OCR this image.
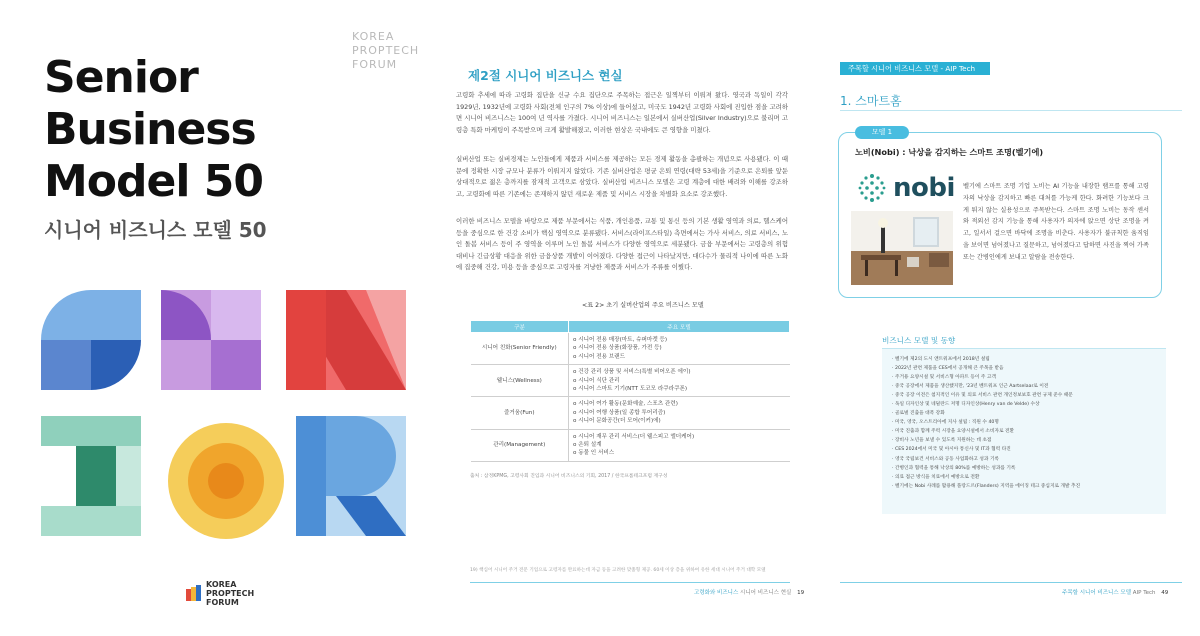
KOREA
PROPTECH
FORUM
Senior
Business
Model 50
시니어 비즈니스 모델 50
KOREA
PROPTECH
FORUM
제2절 시니어 비즈니스 현실

고령화 추세에 따라 고령화 집단을 신규 수요 집단으로 주목하는 접근은 일찍부터 이뤄져 왔다. 영국과 독일이 각각 1929년, 1932년에 고령화 사회(전체 인구의 7% 이상)에 들어섰고, 미국도 1942년 고령화 사회에 진입한 점을 고려하면 시니어 비즈니스는 100여 년 역사를 가졌다. 시니어 비즈니스는 일본에서 실버산업(Silver Industry)으로 불리며 고령층 특화 마케팅이 주목받으며 크게 활발해졌고, 이러한 현상은 국내에도 큰 영향을 미쳤다.

실버산업 또는 실버경제는 노인들에게 제품과 서비스를 제공하는 모든 경제 활동을 총괄하는 개념으로 사용됐다. 이 때문에 정확한 시장 규모나 분류가 이뤄지지 않았다. 기존 실버산업은 평균 은퇴 연령(대략 53세)을 기준으로 은퇴를 앞둔 상대적으로 젊은 층까지를 잠재적 고객으로 삼았다. 실버산업 비즈니스 모델은 고령 계층에 대한 배려와 이해를 강조하고, 고령화에 따른 기존에는 존재하지 않던 새로운 제품 및 서비스 시장을 차별화 요소로 강조했다.

이러한 비즈니스 모델을 바탕으로 제품 부문에서는 식품, 개인용품, 교통 및 통신 등의 기본 생활 영역과 의료, 헬스케어 등을 중심으로 한 건강 소비가 핵심 영역으로 분류됐다. 서비스(라이프스타일) 측면에서는 가사 서비스, 의료 서비스, 노인 돌봄 서비스 등이 주 영역을 이루며 노인 돌봄 서비스가 다양한 영역으로 세분됐다. 금융 부문에서는 고령층의 위험 대비나 긴급상황 대응을 위한 금융상품 개발이 이어졌다. 다양한 접근이 나타났지만, 대다수가 물리적 나이에 따른 노화에 집중해 건강, 미용 등을 중심으로 고령자를 겨냥한 제품과 서비스가 주류를 이뤘다.

<표 2> 초기 실버산업의 주요 비즈니스 모델
구분	주요 모델
시니어 친화(Senior Friendly)	o 시니어 전용 매장(마트, 슈퍼마켓 등)
o 시니어 전용 상품(화장품, 가전 등)
o 시니어 전용 브랜드

웰니스(Wellness)	o 건강 관리 상품 및 서비스(특별 비어오픈 에이)
o 시니어 식단 관리
o 시니어 스마트 기기(NTT 도코모 라쿠라쿠폰)

즐거움(Fun)	o 시니어 여가 활동(문화예술, 스포츠 관련)
o 시니어 여행 상품(일 종합 투어리즘)
o 시니어 문화공간(더 모어(이커)에)

관리(Management)	o 시니어 재무 관리 서비스(더 웰스피고 엘더케어)
o 은퇴 설계
o 동물 인 서비스
출처 : 삼정KPMG, 고령사회 진입과 시니어 비즈니스의 기회, 2017 / 한국프롭테크포럼 재구성
19) 핵심어 시니어 주거 전문 기업으로 고령자를 완료하는데 자금 등을 고려한 맞춤형 제공. 60세 이상 층을 위하여 유한 세대 시니어 주거 대학 모델
고령화와 비즈니스 시니어 비즈니스 현실 19
주목할 시니어 비즈니스 모델 - AIP Tech
1. 스마트홈
모델 1
노비(Nobi) : 낙상을 감지하는 스마트 조명(벨기에)
nobi 벨기에 스마트 조명 기업 노비는 AI 기능을 내장한 램프를 통해 고령자의 낙상을 감지하고 빠른 대처를 가능케 한다. 화려한 기능보다 크게 튀지 않는 실용성으로 주목받는다. 스마트 조명 노비는 동작 센서와 적외선 감지 기능을 통해 사용자가 의자에 앉으면 상단 조명을 켜고, 일서서 걸으면 바닥에 조명을 비춘다. 사용자가 불규칙한 움직임을 보이면 넘어졌나고 질문하고, 넘어졌다고 답하면 사진을 찍어 가족 또는 간병인에게 보내고 알람을 전송한다.

비즈니스 모델 및 동향
· 벨기에 제2의 도시 앤트워프에서 2018년 설립
· 2022년 관련 제품을 CES에서 공개해 큰 주목을 받음
· 주거용 요양시설 및 서비스형 아파트 등이 주 고객
· 중국 공장에서 제품을 생산했지만, '23년 벤트워프 인근 Aartselaar로 이전
· 중국 공장 이전은 첨지적인 이유 및 의료 서비스 관련 개인정보보호 관련 규제 준수 때문
· 독일 디자인상 및 네덜란드 저명 디자인상(Henry van de Velde) 수상
· 골로벌 진출을 대폭 강화
· 미국, 영국, 오스트리아에 지사 설립 : 직원 수 40명
· 미국 진출과 함께 주력 시장을 요양시설에서 소비자로 전환
· 장비사 노년을 보낼 수 있도록 지원하는 데 초점
· CES 2024에서 미국 및 아시아 통신사 및 IT과 협력 타진
· 영국 국립보건 서비스와 공동 사업화하고 성과 기록
· 간병인과 협력을 통해 낙상의 80%를 예방하는 성과를 기록
· 의료 접근 방식을 치료에서 예방으로 전환
· 벨기에는 Nobi 사례를 활용해 플랑드르(Flanders) 지역을 에이징 테크 중심지로 개발 추진
주목할 시니어 비즈니스 모델 AIP Tech 49
